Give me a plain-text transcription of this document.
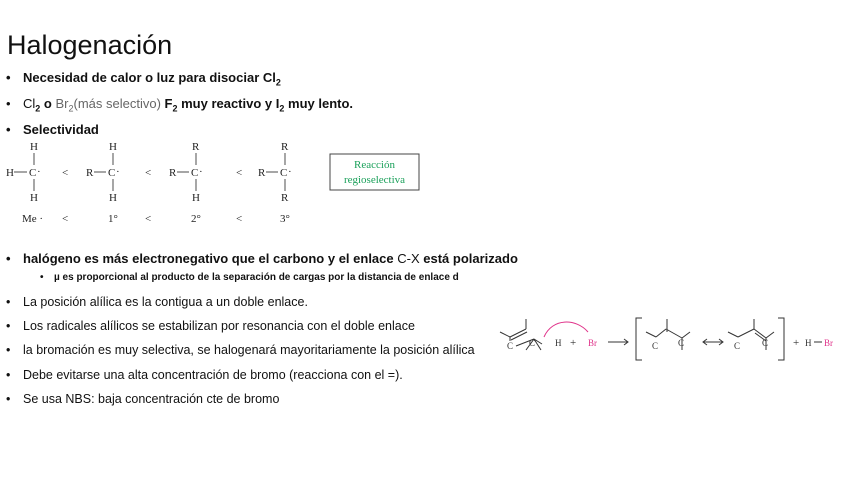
Halogenación
• Necesidad de calor o luz para disociar $Cl_2$
• $Cl_2$ o $Br_2(más$ selectivo) $F_2$ muy reactivo y $I_2$ muy lento.
• Selectividad
H
H C ·
H
<
H
R C ·
H
<
R
R C ·
H
<
R
R C ·
R
Me · <	1° <	2°	<	3°
Reacción
regioselectiva
• halógeno es más electronegativo que el carbono y el enlace C-X está polarizado
• µ es proporcional al producto de la separación de cargas por la distancia de enlace d
• La posición alílica es la contigua a un doble enlace.
• Los radicales alílicos se estabilizan por resonancia con el doble enlace
• la bromación es muy selectiva, se halogenará mayoritariamente la posición alílica
• Debe evitarse una alta concentración de bromo (reacciona con el =).
• Se usa NBS: baja concentración cte de bromo
C C H + Br	C C	C C + H Br
